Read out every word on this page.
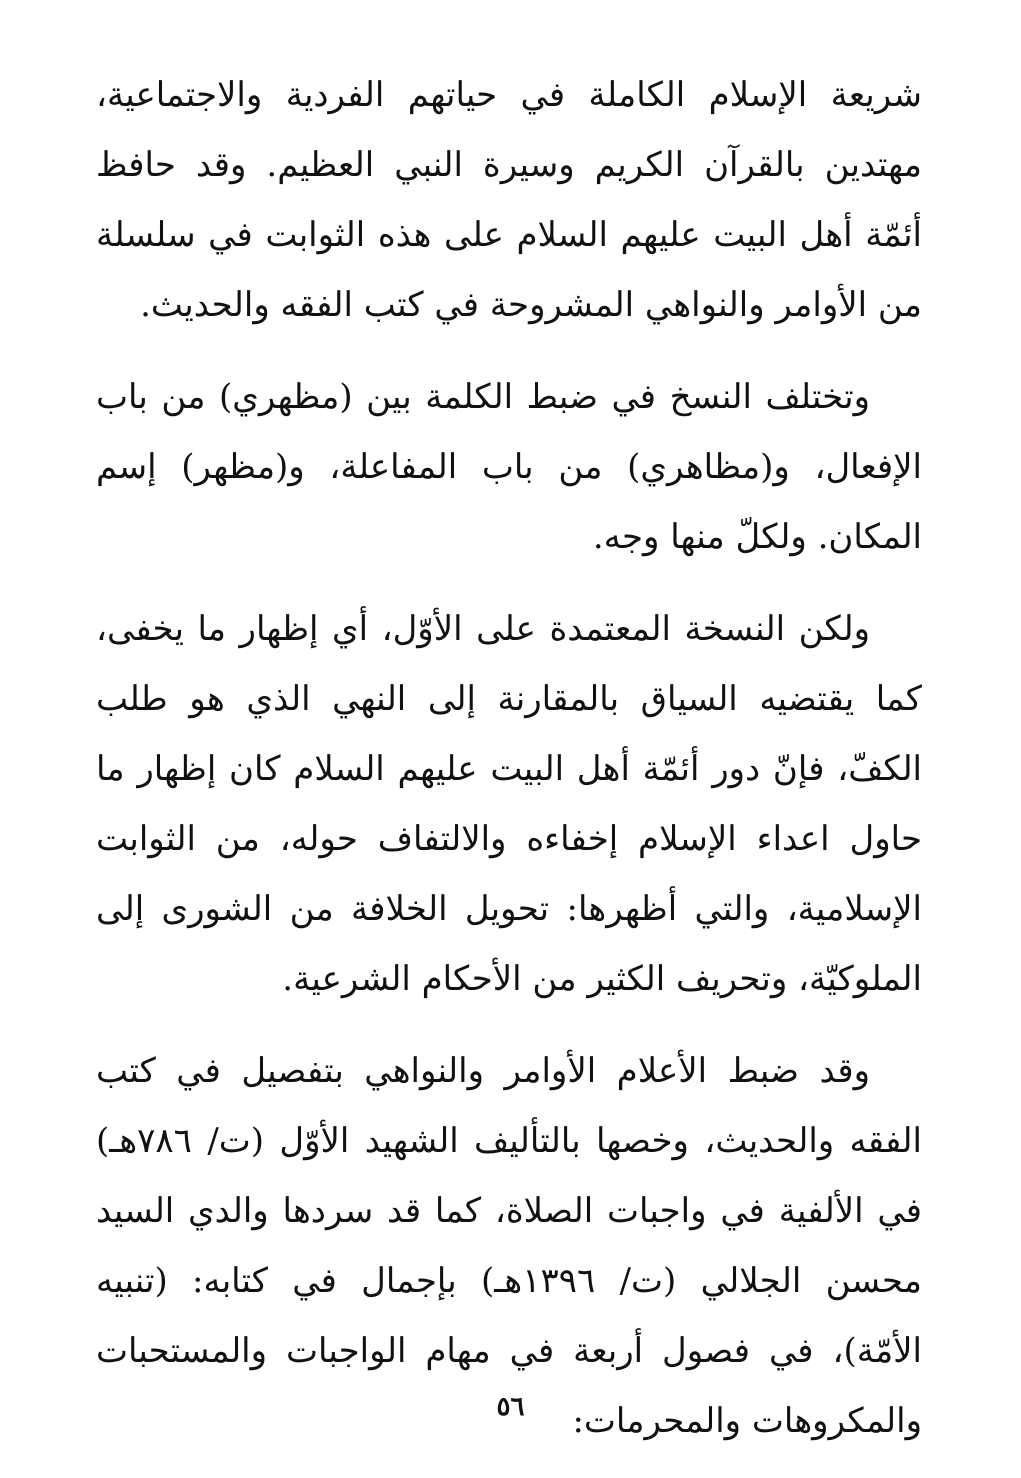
شريعة الإسلام الكاملة في حياتهم الفردية والاجتماعية، مهتدين بالقرآن الكريم وسيرة النبي العظيم. وقد حافظ أئمّة أهل البيت عليهم السلام على هذه الثوابت في سلسلة من الأوامر والنواهي المشروحة في كتب الفقه والحديث.

وتختلف النسخ في ضبط الكلمة بين (مظهري) من باب الإفعال، و(مظاهري) من باب المفاعلة، و(مظهر) إسم المكان. ولكلّ منها وجه.

ولكن النسخة المعتمدة على الأوّل، أي إظهار ما يخفى، كما يقتضيه السياق بالمقارنة إلى النهي الذي هو طلب الكفّ، فإنّ دور أئمّة أهل البيت عليهم السلام كان إظهار ما حاول اعداء الإسلام إخفاءه والالتفاف حوله، من الثوابت الإسلامية، والتي أظهرها: تحويل الخلافة من الشورى إلى الملوكيّة، وتحريف الكثير من الأحكام الشرعية.

وقد ضبط الأعلام الأوامر والنواهي بتفصيل في كتب الفقه والحديث، وخصها بالتأليف الشهيد الأوّل (ت/ ٧٨٦هـ) في الألفية في واجبات الصلاة، كما قد سردها والدي السيد محسن الجلالي (ت/ ١٣٩٦هـ) بإجمال في كتابه: (تنبيه الأمّة)، في فصول أربعة في مهام الواجبات والمستحبات والمكروهات والمحرمات:

٥٦
